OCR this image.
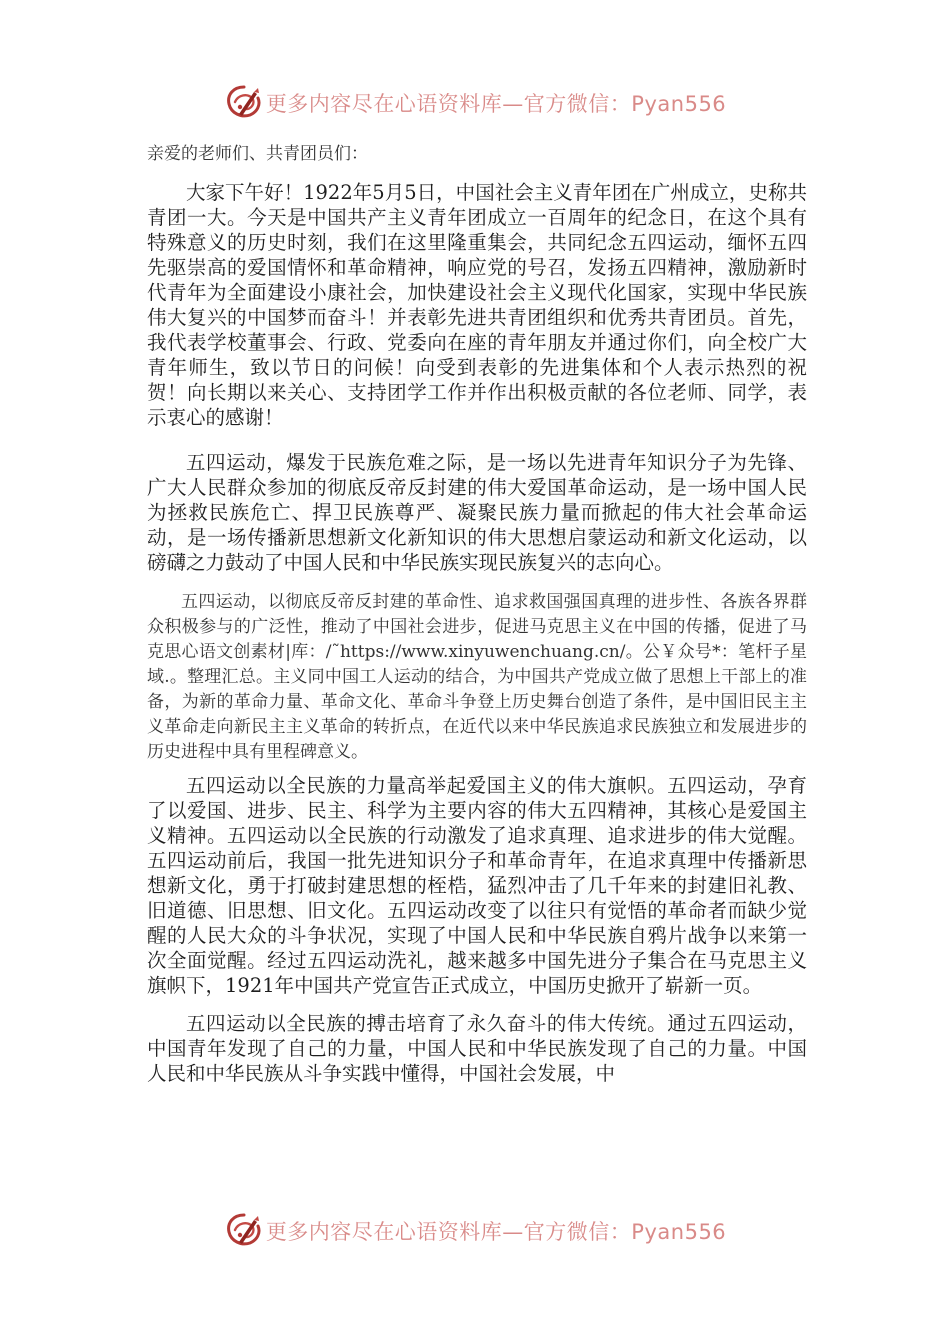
更多内容尽在心语资料库—官方微信：Pyan556

亲爱的老师们、共青团员们：

大家下午好！1922年5月5日，中国社会主义青年团在广州成立，史称共青团一大。今天是中国共产主义青年团成立一百周年的纪念日，在这个具有特殊意义的历史时刻，我们在这里隆重集会，共同纪念五四运动，缅怀五四先驱崇高的爱国情怀和革命精神，响应党的号召，发扬五四精神，激励新时代青年为全面建设小康社会，加快建设社会主义现代化国家，实现中华民族伟大复兴的中国梦而奋斗！并表彰先进共青团组织和优秀共青团员。首先，我代表学校董事会、行政、党委向在座的青年朋友并通过你们，向全校广大青年师生，致以节日的问候！向受到表彰的先进集体和个人表示热烈的祝贺！向长期以来关心、支持团学工作并作出积极贡献的各位老师、同学，表示衷心的感谢！

五四运动，爆发于民族危难之际，是一场以先进青年知识分子为先锋、广大人民群众参加的彻底反帝反封建的伟大爱国革命运动，是一场中国人民为拯救民族危亡、捍卫民族尊严、凝聚民族力量而掀起的伟大社会革命运动，是一场传播新思想新文化新知识的伟大思想启蒙运动和新文化运动，以磅礴之力鼓动了中国人民和中华民族实现民族复兴的志向心。

五四运动，以彻底反帝反封建的革命性、追求救国强国真理的进步性、各族各界群众积极参与的广泛性，推动了中国社会进步，促进马克思主义在中国的传播，促进了马克思心语文创素材|库：/˜https://www.xinyuwenchuang.cn/。公￥众号*：笔杆子星域.。整理汇总。主义同中国工人运动的结合，为中国共产党成立做了思想上干部上的准备，为新的革命力量、革命文化、革命斗争登上历史舞台创造了条件，是中国旧民主主义革命走向新民主主义革命的转折点，在近代以来中华民族追求民族独立和发展进步的历史进程中具有里程碑意义。

五四运动以全民族的力量高举起爱国主义的伟大旗帜。五四运动，孕育了以爱国、进步、民主、科学为主要内容的伟大五四精神，其核心是爱国主义精神。五四运动以全民族的行动激发了追求真理、追求进步的伟大觉醒。五四运动前后，我国一批先进知识分子和革命青年，在追求真理中传播新思想新文化，勇于打破封建思想的桎梏，猛烈冲击了几千年来的封建旧礼教、旧道德、旧思想、旧文化。五四运动改变了以往只有觉悟的革命者而缺少觉醒的人民大众的斗争状况，实现了中国人民和中华民族自鸦片战争以来第一次全面觉醒。经过五四运动洗礼，越来越多中国先进分子集合在马克思主义旗帜下，1921年中国共产党宣告正式成立，中国历史掀开了崭新一页。

五四运动以全民族的搏击培育了永久奋斗的伟大传统。通过五四运动，中国青年发现了自己的力量，中国人民和中华民族发现了自己的力量。中国人民和中华民族从斗争实践中懂得，中国社会发展，中

更多内容尽在心语资料库—官方微信：Pyan556
